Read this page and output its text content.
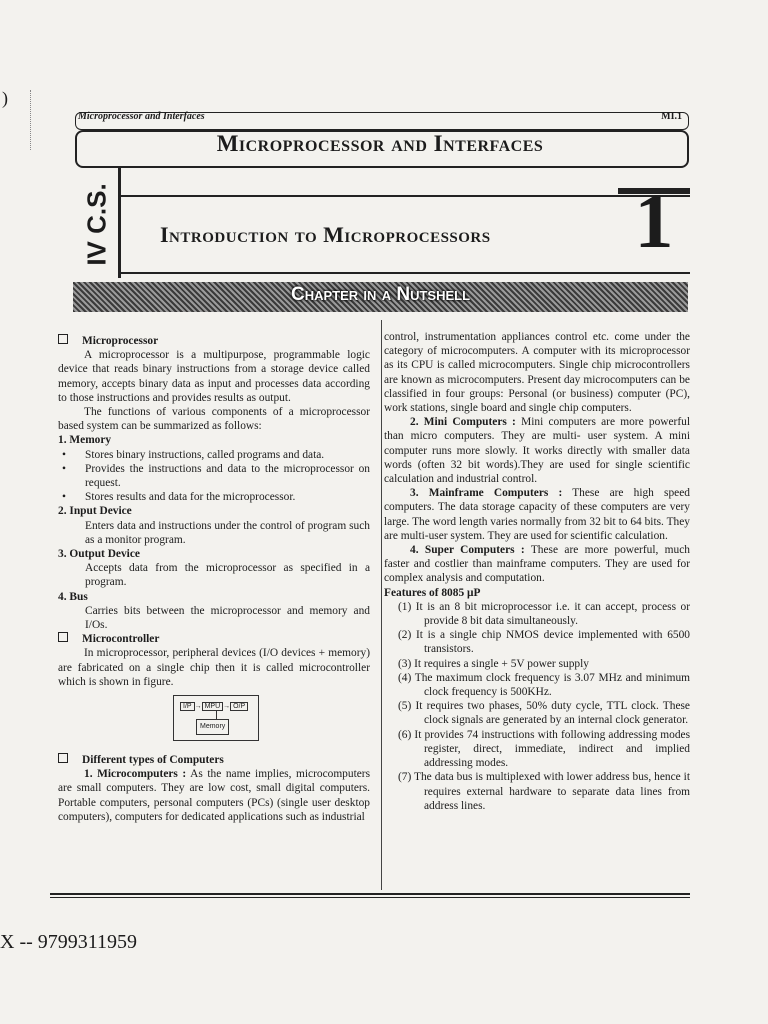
)
Microprocessor and Interfaces	MI.1
Microprocessor and Interfaces
IV C.S. Introduction to Microprocessors 1
Chapter in a Nutshell

Microprocessor

A microprocessor is a multipurpose, programmable logic device that reads binary instructions from a storage device called memory, accepts binary data as input and processes data according to those instructions and provides results as output.

The functions of various components of a microprocessor based system can be summarized as follows:

1. Memory

• Stores binary instructions, called programs and data.

• Provides the instructions and data to the microprocessor on request.

• Stores results and data for the microprocessor.

2. Input Device

Enters data and instructions under the control of program such as a monitor program.

3. Output Device

Accepts data from the microprocessor as specified in a program.

4. Bus

Carries bits between the microprocessor and memory and I/Os.

Microcontroller

In microprocessor, peripheral devices (I/O devices + memory) are fabricated on a single chip then it is called microcontroller which is shown in figure.

I/P → MPU → O/P
Memory

Different types of Computers

1. Microcomputers : As the name implies, microcomputers are small computers. They are low cost, small digital computers. Portable computers, personal computers (PCs) (single user desktop computers), computers for dedicated applications such as industrial

control, instrumentation appliances control etc. come under the category of microcomputers. A computer with its microprocessor as its CPU is called microcomputers. Single chip microcontrollers are known as microcomputers. Present day microcomputers can be classified in four groups: Personal (or business) computer (PC), work stations, single board and single chip computers.

2. Mini Computers : Mini computers are more powerful than micro computers. They are multi- user system. A mini computer runs more slowly. It works directly with smaller data words (often 32 bit words).They are used for single scientific calculation and industrial control.

3. Mainframe Computers : These are high speed computers. The data storage capacity of these computers are very large. The word length varies normally from 32 bit to 64 bits. They are multi-user system. They are used for scientific calculation.

4. Super Computers : These are more powerful, much faster and costlier than mainframe computers. They are used for complex analysis and computation.

Features of 8085 μP

(1) It is an 8 bit microprocessor i.e. it can accept, process or provide 8 bit data simultaneously.

(2) It is a single chip NMOS device implemented with 6500 transistors.

(3) It requires a single + 5V power supply

(4) The maximum clock frequency is 3.07 MHz and minimum clock frequency is 500KHz.

(5) It requires two phases, 50% duty cycle, TTL clock. These clock signals are generated by an internal clock generator.

(6) It provides 74 instructions with following addressing modes register, direct, immediate, indirect and implied addressing modes.

(7) The data bus is multiplexed with lower address bus, hence it requires external hardware to separate data lines from address lines.

X -- 9799311959
